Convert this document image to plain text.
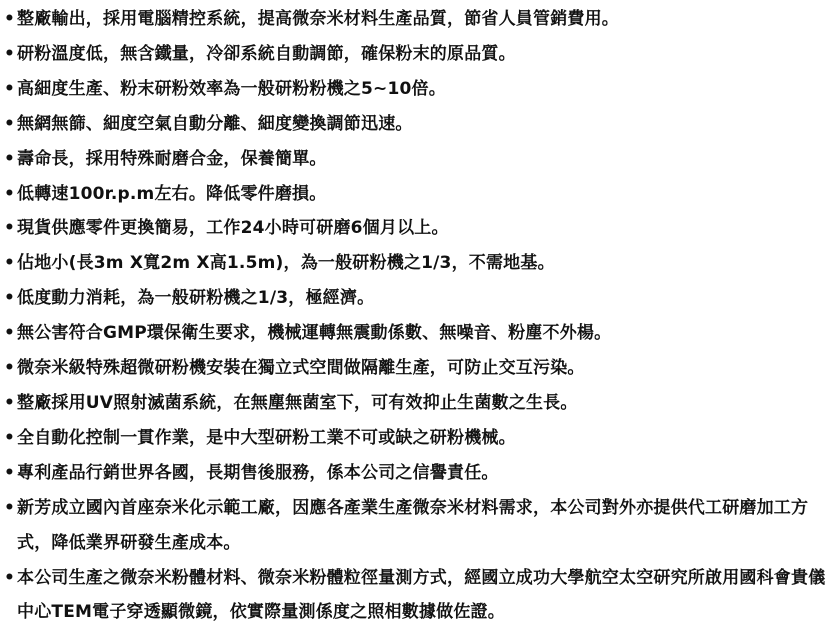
• 整廠輸出，採用電腦精控系統，提高微奈米材料生產品質，節省人員管銷費用。
• 研粉溫度低，無含鐵量，冷卻系統自動調節，確保粉末的原品質。
• 高細度生產、粉末研粉效率為一般研粉粉機之5~10倍。
• 無網無篩、細度空氣自動分離、細度變換調節迅速。
• 壽命長，採用特殊耐磨合金，保養簡單。
• 低轉速100r.p.m左右。降低零件磨損。
• 現貨供應零件更換簡易，工作24小時可研磨6個月以上。
• 佔地小(長3m X寬2m X高1.5m)，為一般研粉機之1/3，不需地基。
• 低度動力消耗，為一般研粉機之1/3，極經濟。
• 無公害符合GMP環保衛生要求，機械運轉無震動係數、無噪音、粉塵不外楊。
• 微奈米級特殊超微研粉機安裝在獨立式空間做隔離生產，可防止交互污染。
• 整廠採用UV照射滅菌系統，在無塵無菌室下，可有效抑止生菌數之生長。
• 全自動化控制一貫作業，是中大型研粉工業不可或缺之研粉機械。
• 專利產品行銷世界各國，長期售後服務，係本公司之信譽責任。
• 新芳成立國內首座奈米化示範工廠，因應各產業生產微奈米材料需求，本公司對外亦提供代工研磨加工方式，降低業界研發生產成本。
• 本公司生產之微奈米粉體材料、微奈米粉體粒徑量測方式，經國立成功大學航空太空研究所啟用國科會貴儀中心TEM電子穿透顯微鏡，依實際量測係度之照相數據做佐證。
